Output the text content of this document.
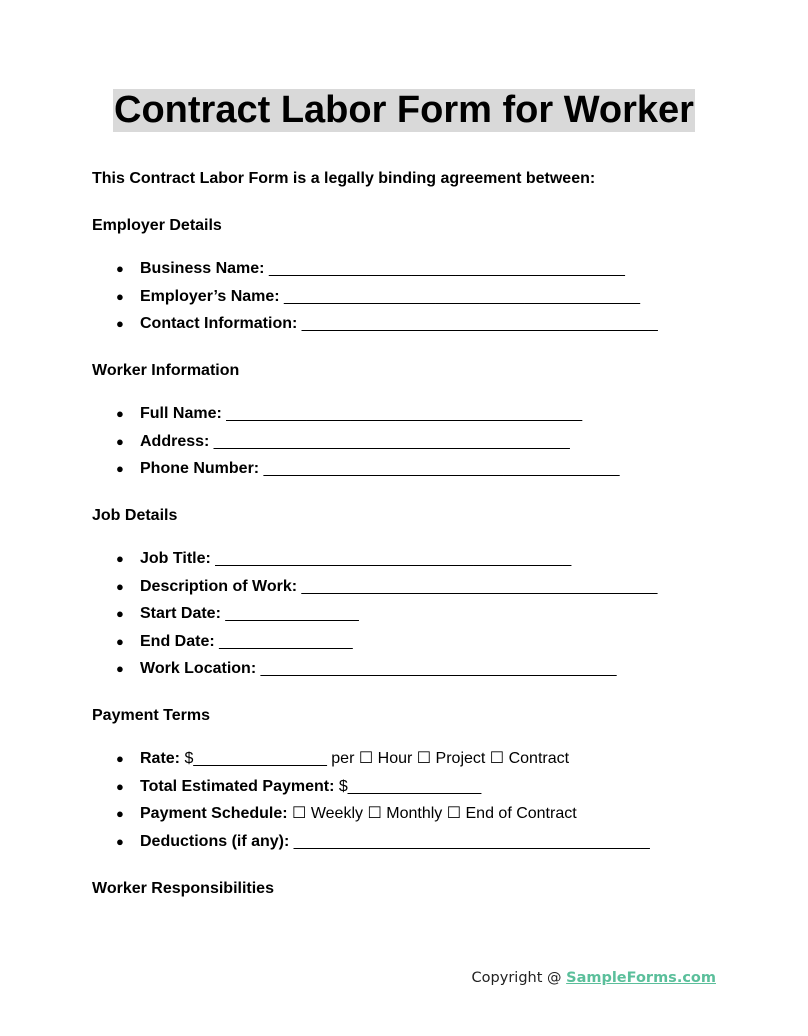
Contract Labor Form for Worker

This Contract Labor Form is a legally binding agreement between:

Employer Details

● Business Name: ________________________________________
● Employer’s Name: ________________________________________
● Contact Information: ________________________________________

Worker Information

● Full Name: ________________________________________
● Address: ________________________________________
● Phone Number: ________________________________________

Job Details

● Job Title: ________________________________________
● Description of Work: ________________________________________
● Start Date: _______________
● End Date: _______________
● Work Location: ________________________________________

Payment Terms

● Rate: $_______________ per ☐ Hour ☐ Project ☐ Contract
● Total Estimated Payment: $_______________
● Payment Schedule: ☐ Weekly ☐ Monthly ☐ End of Contract
● Deductions (if any): ________________________________________

Worker Responsibilities

Copyright @ SampleForms.com
